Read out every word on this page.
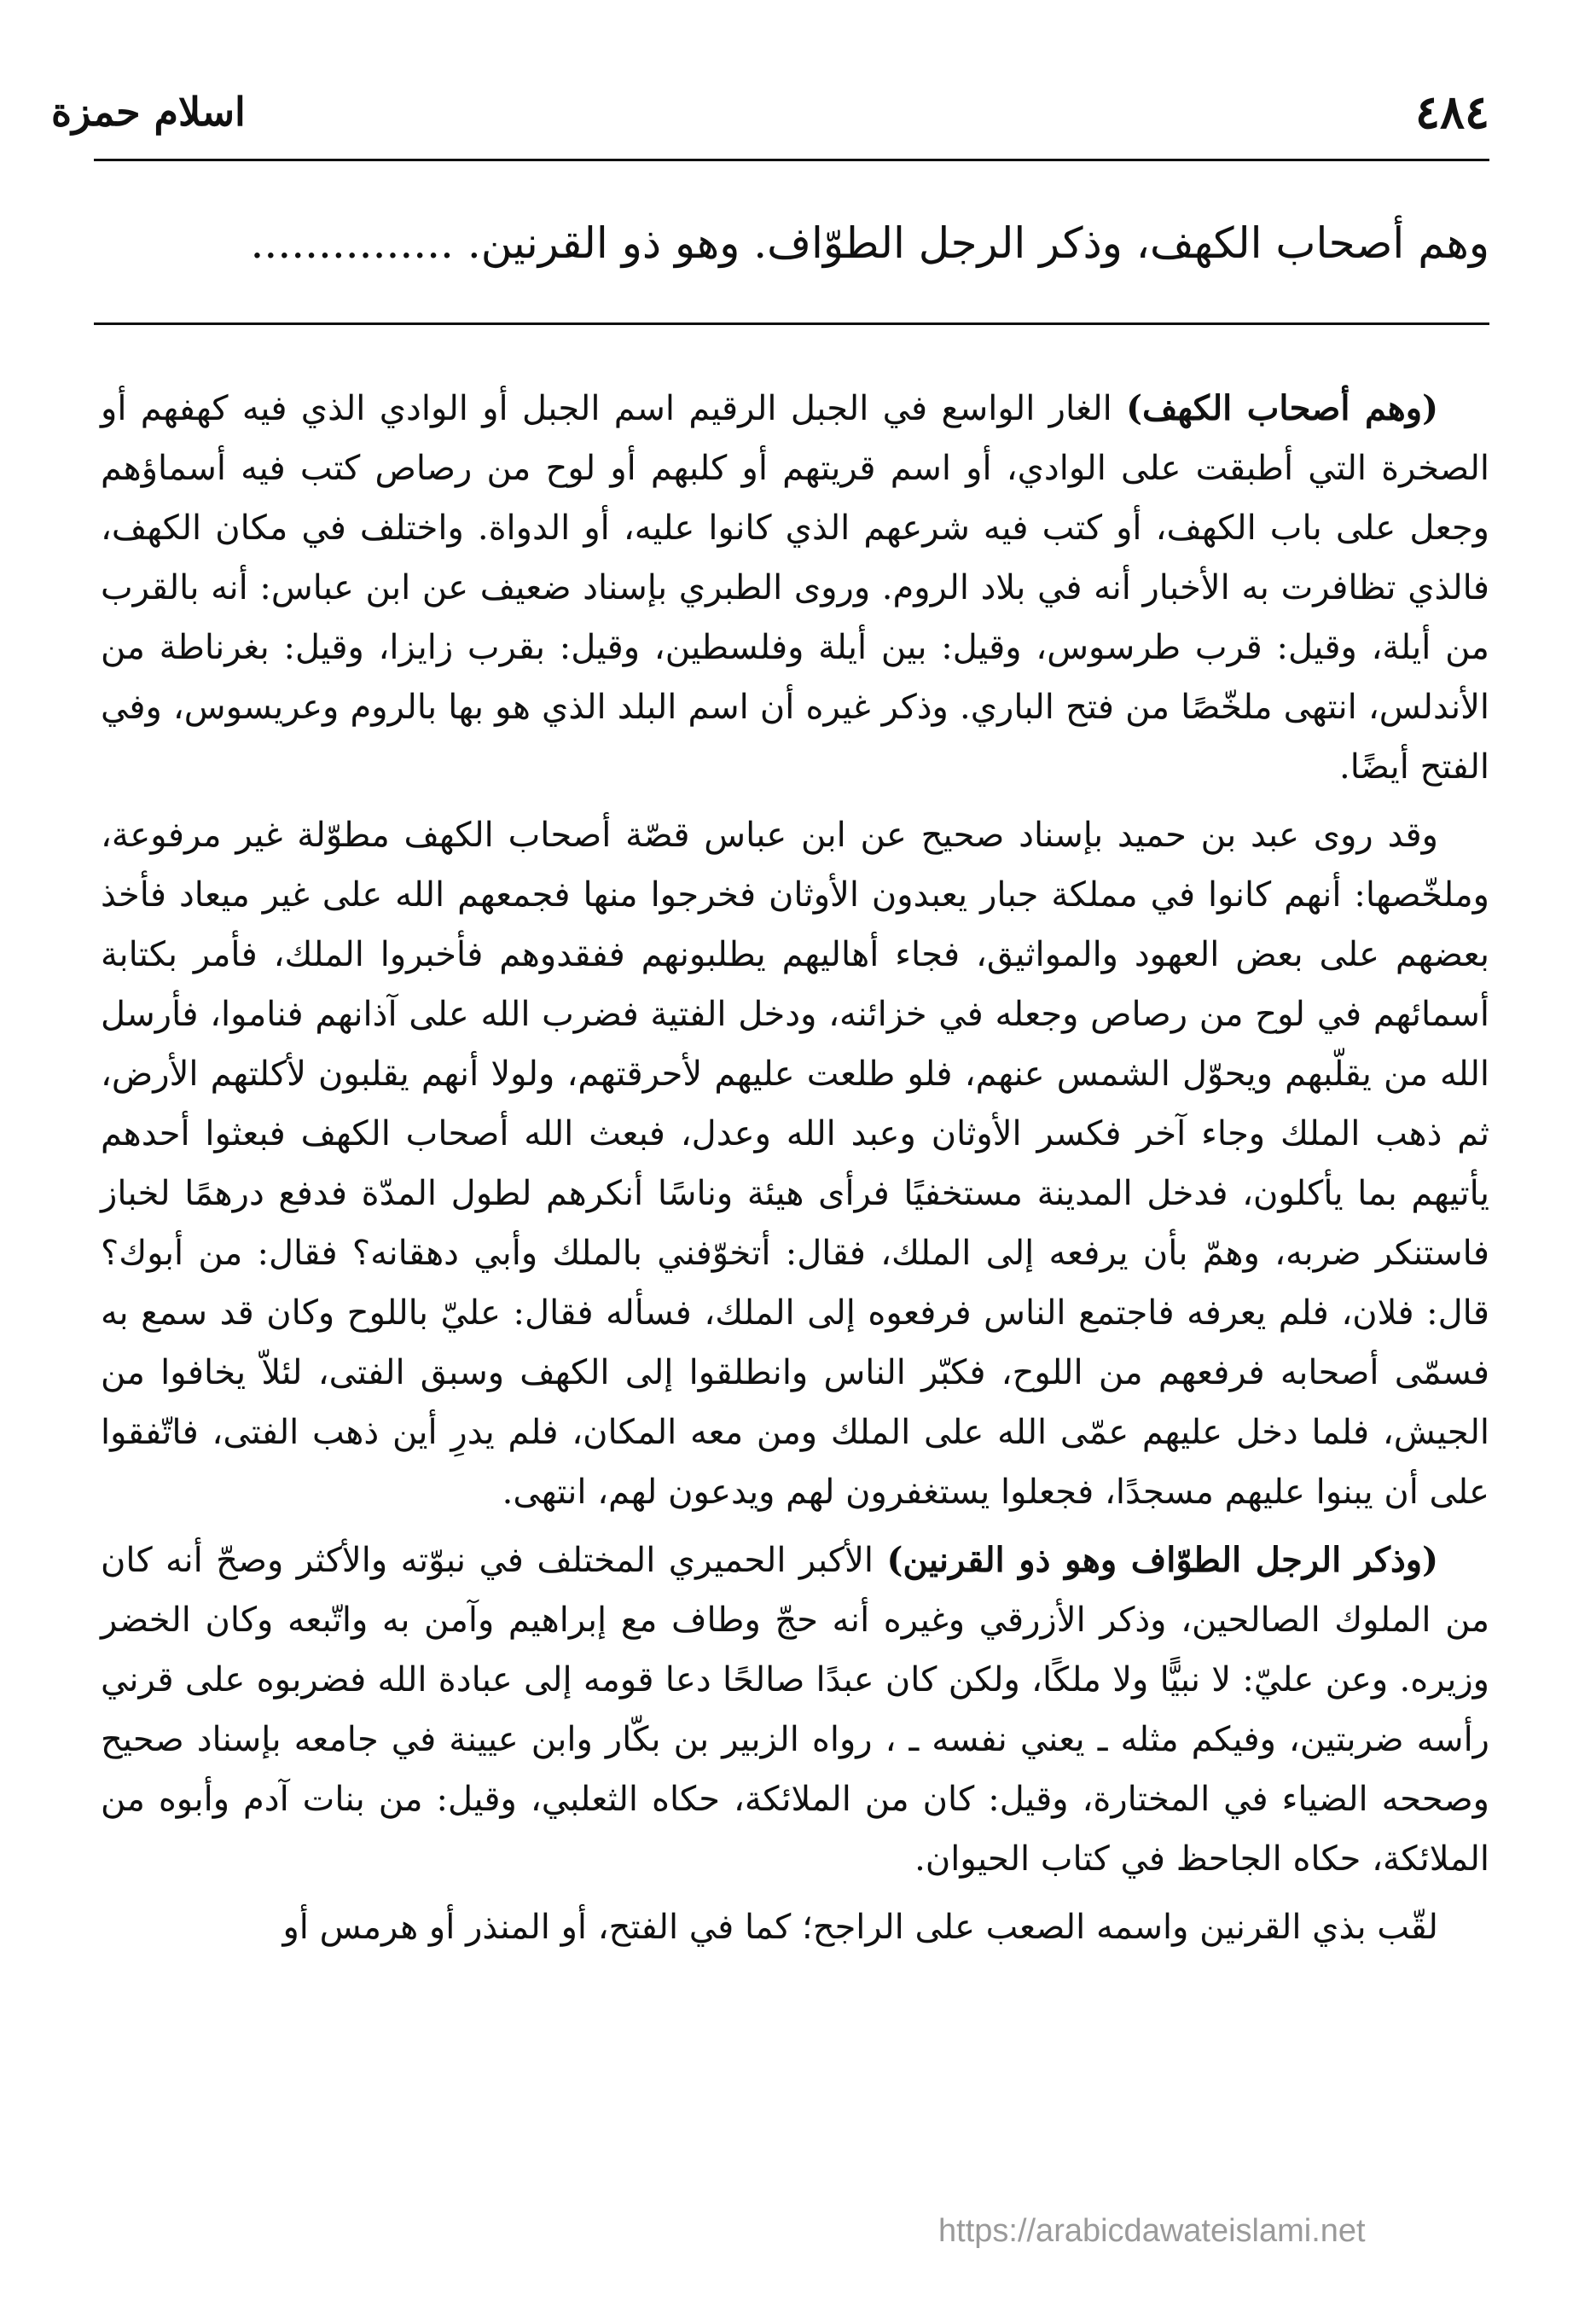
٤٨٤
اسلام حمزة
وهم أصحاب الكهف، وذكر الرجل الطوّاف. وهو ذو القرنين. ...............

(وهم أصحاب الكهف) الغار الواسع في الجبل الرقيم اسم الجبل أو الوادي الذي فيه كهفهم أو الصخرة التي أطبقت على الوادي، أو اسم قريتهم أو كلبهم أو لوح من رصاص كتب فيه أسماؤهم وجعل على باب الكهف، أو كتب فيه شرعهم الذي كانوا عليه، أو الدواة. واختلف في مكان الكهف، فالذي تظافرت به الأخبار أنه في بلاد الروم. وروى الطبري بإسناد ضعيف عن ابن عباس: أنه بالقرب من أيلة، وقيل: قرب طرسوس، وقيل: بين أيلة وفلسطين، وقيل: بقرب زايزا، وقيل: بغرناطة من الأندلس، انتهى ملخّصًا من فتح الباري. وذكر غيره أن اسم البلد الذي هو بها بالروم وعريسوس، وفي الفتح أيضًا.

وقد روى عبد بن حميد بإسناد صحيح عن ابن عباس قصّة أصحاب الكهف مطوّلة غير مرفوعة، وملخّصها: أنهم كانوا في مملكة جبار يعبدون الأوثان فخرجوا منها فجمعهم الله على غير ميعاد فأخذ بعضهم على بعض العهود والمواثيق، فجاء أهاليهم يطلبونهم ففقدوهم فأخبروا الملك، فأمر بكتابة أسمائهم في لوح من رصاص وجعله في خزائنه، ودخل الفتية فضرب الله على آذانهم فناموا، فأرسل الله من يقلّبهم ويحوّل الشمس عنهم، فلو طلعت عليهم لأحرقتهم، ولولا أنهم يقلبون لأكلتهم الأرض، ثم ذهب الملك وجاء آخر فكسر الأوثان وعبد الله وعدل، فبعث الله أصحاب الكهف فبعثوا أحدهم يأتيهم بما يأكلون، فدخل المدينة مستخفيًا فرأى هيئة وناسًا أنكرهم لطول المدّة فدفع درهمًا لخباز فاستنكر ضربه، وهمّ بأن يرفعه إلى الملك، فقال: أتخوّفني بالملك وأبي دهقانه؟ فقال: من أبوك؟ قال: فلان، فلم يعرفه فاجتمع الناس فرفعوه إلى الملك، فسأله فقال: عليّ باللوح وكان قد سمع به فسمّى أصحابه فرفعهم من اللوح، فكبّر الناس وانطلقوا إلى الكهف وسبق الفتى، لئلاّ يخافوا من الجيش، فلما دخل عليهم عمّى الله على الملك ومن معه المكان، فلم يدرِ أين ذهب الفتى، فاتّفقوا على أن يبنوا عليهم مسجدًا، فجعلوا يستغفرون لهم ويدعون لهم، انتهى.

(وذكر الرجل الطوّاف وهو ذو القرنين) الأكبر الحميري المختلف في نبوّته والأكثر وصحّ أنه كان من الملوك الصالحين، وذكر الأزرقي وغيره أنه حجّ وطاف مع إبراهيم وآمن به واتّبعه وكان الخضر وزيره. وعن عليّ: لا نبيًّا ولا ملكًا، ولكن كان عبدًا صالحًا دعا قومه إلى عبادة الله فضربوه على قرني رأسه ضربتين، وفيكم مثله ـ يعني نفسه ـ ، رواه الزبير بن بكّار وابن عيينة في جامعه بإسناد صحيح وصححه الضياء في المختارة، وقيل: كان من الملائكة، حكاه الثعلبي، وقيل: من بنات آدم وأبوه من الملائكة، حكاه الجاحظ في كتاب الحيوان.

لقّب بذي القرنين واسمه الصعب على الراجح؛ كما في الفتح، أو المنذر أو هرمس أو

https://arabicdawateislami.net
